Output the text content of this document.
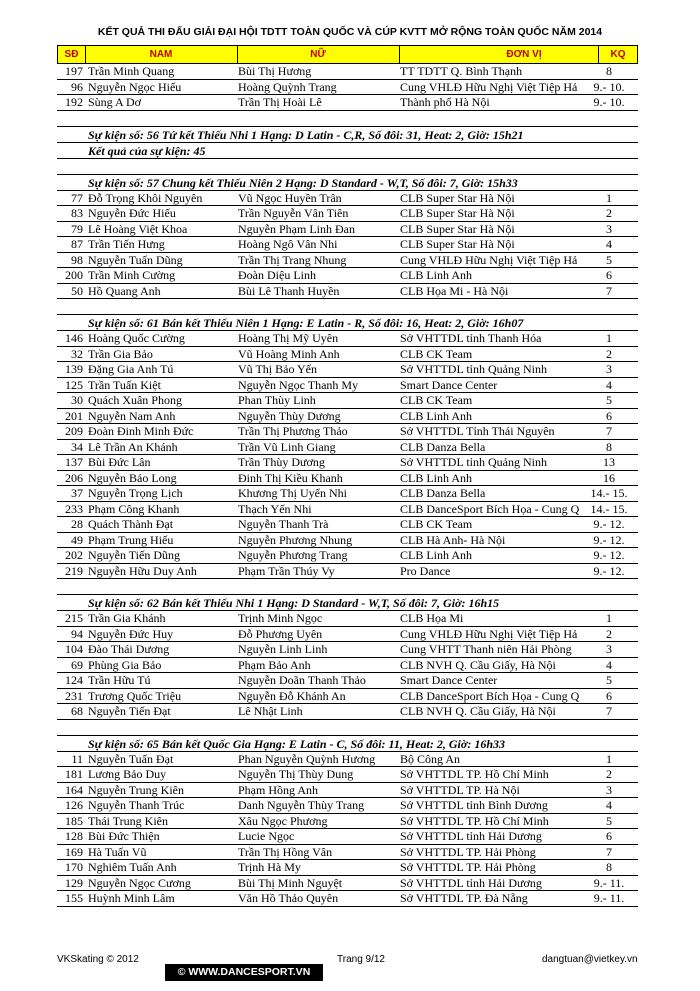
KẾT QUẢ THI ĐẤU GIẢI ĐẠI HỘI TDTT TOÀN QUỐC VÀ CÚP KVTT MỞ RỘNG TOÀN QUỐC NĂM 2014
SĐ	NAM	NỮ	ĐƠN VỊ	KQ
197 Trần Minh Quang	Bùi Thị Hương	TT TDTT Q. Bình Thạnh	8
96 Nguyễn Ngọc Hiếu	Hoàng Quỳnh Trang	Cung VHLĐ Hữu Nghị Việt Tiệp Hả	9.- 10.
192 Sùng A Dơ	Trần Thị Hoài Lê	Thành phố Hà Nội	9.- 10.
Sự kiện số: 56 Tứ kết Thiếu Nhi 1 Hạng: D Latin - C,R, Số đôi: 31, Heat: 2, Giờ: 15h21
Kết quả của sự kiện: 45
Sự kiện số: 57 Chung kết Thiếu Niên 2 Hạng: D Standard - W,T, Số đôi: 7, Giờ: 15h33
77 Đỗ Trọng Khôi Nguyên	Vũ Ngọc Huyền Trân	CLB Super Star Hà Nội	1
83 Nguyễn Đức Hiếu	Trần Nguyễn Vân Tiên	CLB Super Star Hà Nội	2
79 Lê Hoàng Việt Khoa	Nguyễn Phạm Linh Đan	CLB Super Star Hà Nội	3
87 Trần Tiến Hưng	Hoàng Ngô Vân Nhi	CLB Super Star Hà Nội	4
98 Nguyễn Tuấn Dũng	Trần Thị Trang Nhung	Cung VHLĐ Hữu Nghị Việt Tiệp Hả	5
200 Trần Minh Cường	Đoàn Diệu Linh	CLB Linh Anh	6
50 Hồ Quang Anh	Bùi Lê Thanh Huyền	CLB Họa Mi - Hà Nội	7
Sự kiện số: 61 Bán kết Thiếu Niên 1 Hạng: E Latin - R, Số đôi: 16, Heat: 2, Giờ: 16h07
146 Hoàng Quốc Cường	Hoàng Thị Mỹ Uyên	Sở VHTTDL tỉnh Thanh Hóa	1
32 Trần Gia Bảo	Vũ Hoàng Minh Anh	CLB CK Team	2
139 Đặng Gia Anh Tú	Vũ Thị Bảo Yến	Sở VHTTDL tỉnh Quảng Ninh	3
125 Trần Tuấn Kiệt	Nguyễn Ngọc Thanh My	Smart Dance Center	4
30 Quách Xuân Phong	Phan Thùy Linh	CLB CK Team	5
201 Nguyễn Nam Anh	Nguyễn Thùy Dương	CLB Linh Anh	6
209 Đoàn Đinh Minh Đức	Trần Thị Phương Thảo	Sở VHTTDL Tỉnh Thái Nguyên	7
34 Lê Trần An Khánh	Trần Vũ Linh Giang	CLB Danza Bella	8
137 Bùi Đức Lân	Trần Thùy Dương	Sở VHTTDL tỉnh Quảng Ninh	13
206 Nguyễn Bảo Long	Đinh Thị Kiều Khanh	CLB Linh Anh	16
37 Nguyễn Trọng Lịch	Khương Thị Uyển Nhi	CLB Danza Bella	14.- 15.
233 Phạm Công Khanh	Thạch Yến Nhi	CLB DanceSport Bích Họa - Cung Q 14.- 15.
28 Quách Thành Đạt	Nguyễn Thanh Trà	CLB CK Team	9.- 12.
49 Phạm Trung Hiếu	Nguyễn Phương Nhung	CLB Hà Anh- Hà Nội	9.- 12.
202 Nguyễn Tiến Dũng	Nguyễn Phương Trang	CLB Linh Anh	9.- 12.
219 Nguyễn Hữu Duy Anh	Phạm Trần Thúy Vy	Pro Dance	9.- 12.
Sự kiện số: 62 Bán kết Thiếu Nhi 1 Hạng: D Standard - W,T, Số đôi: 7, Giờ: 16h15
215 Trần Gia Khánh	Trịnh Minh Ngọc	CLB Họa Mi	1
94 Nguyễn Đức Huy	Đỗ Phương Uyên	Cung VHLĐ Hữu Nghị Việt Tiệp Hả	2
104 Đào Thái Dương	Nguyễn Linh Linh	Cung VHTT Thanh niên Hải Phòng	3
69 Phùng Gia Bảo	Phạm Bảo Anh	CLB NVH Q. Cầu Giấy, Hà Nội	4
124 Trần Hữu Tú	Nguyễn Doãn Thanh Thảo	Smart Dance Center	5
231 Trương Quốc Triệu	Nguyễn Đỗ Khánh An	CLB DanceSport Bích Họa - Cung Q	6
68 Nguyễn Tiến Đạt	Lê Nhật Linh	CLB NVH Q. Cầu Giấy, Hà Nội	7
Sự kiện số: 65 Bán kết Quốc Gia Hạng: E Latin - C, Số đôi: 11, Heat: 2, Giờ: 16h33
11 Nguyễn Tuấn Đạt	Phan Nguyễn Quỳnh Hương	Bộ Công An	1
181 Lương Bảo Duy	Nguyễn Thị Thùy Dung	Sở VHTTDL TP. Hồ Chí Minh	2
164 Nguyễn Trung Kiên	Phạm Hồng Anh	Sở VHTTDL TP. Hà Nội	3
126 Nguyễn Thanh Trúc	Danh Nguyễn Thùy Trang	Sở VHTTDL tỉnh Bình Dương	4
185 Thái Trung Kiên	Xâu Ngọc Phương	Sở VHTTDL TP. Hồ Chí Minh	5
128 Bùi Đức Thiện	Lucie Ngọc	Sở VHTTDL tỉnh Hải Dương	6
169 Hà Tuấn Vũ	Trần Thị Hồng Vân	Sở VHTTDL TP. Hải Phòng	7
170 Nghiêm Tuấn Anh	Trịnh Hà My	Sở VHTTDL TP. Hải Phòng	8
129 Nguyễn Ngọc Cương	Bùi Thị Minh Nguyệt	Sở VHTTDL tỉnh Hải Dương	9.- 11.
155 Huỳnh Minh Lâm	Văn Hồ Thảo Quyên	Sở VHTTDL TP. Đà Nẵng	9.- 11.
VKSkating © 2012
© WWW.DANCESPORT.VN
Trang 9/12	dangtuan@vietkey.vn
